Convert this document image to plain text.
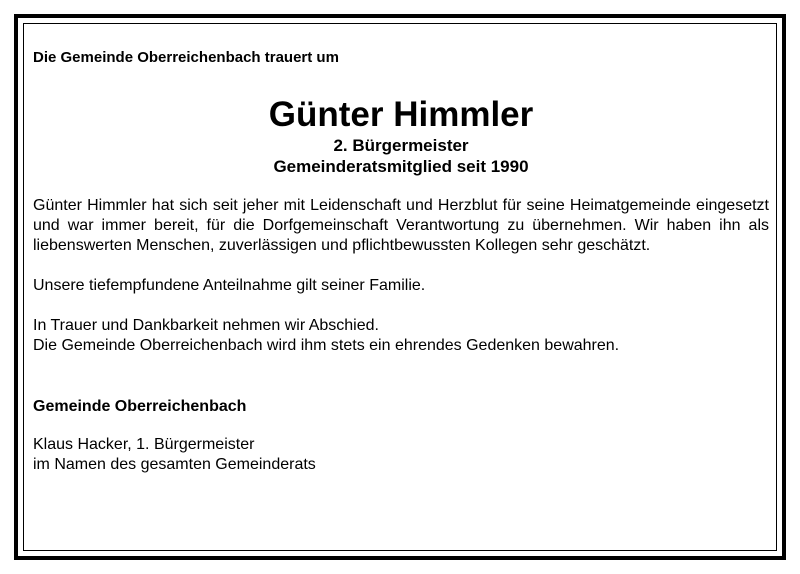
Die Gemeinde Oberreichenbach trauert um

Günter Himmler

2. Bürgermeister

Gemeinderatsmitglied seit 1990

Günter Himmler hat sich seit jeher mit Leidenschaft und Herzblut für seine Heimatgemeinde eingesetzt und war immer bereit, für die Dorfgemeinschaft Verantwortung zu übernehmen. Wir haben ihn als liebenswerten Menschen, zuverlässigen und pflichtbewussten Kollegen sehr geschätzt.

Unsere tiefempfundene Anteilnahme gilt seiner Familie.

In Trauer und Dankbarkeit nehmen wir Abschied.
Die Gemeinde Oberreichenbach wird ihm stets ein ehrendes Gedenken bewahren.

Gemeinde Oberreichenbach

Klaus Hacker, 1. Bürgermeister
im Namen des gesamten Gemeinderats
